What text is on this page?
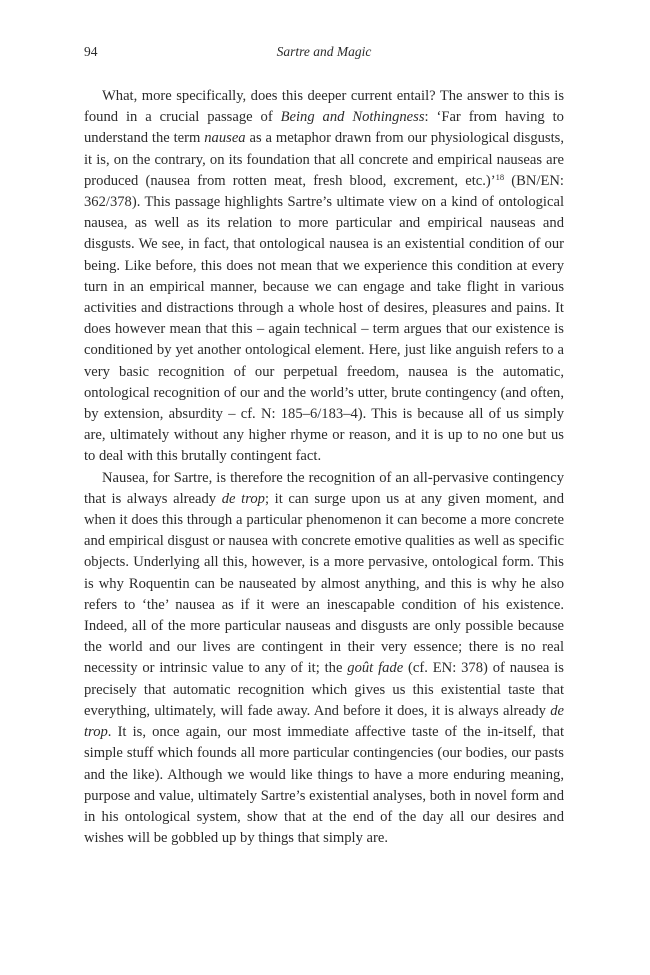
94	Sartre and Magic

What, more specifically, does this deeper current entail? The answer to this is found in a crucial passage of Being and Nothingness: ‘Far from having to understand the term nausea as a metaphor drawn from our physiological disgusts, it is, on the contrary, on its foundation that all concrete and empirical nauseas are produced (nausea from rotten meat, fresh blood, excrement, etc.)’$^{18}$ (BN/EN: 362/378). This passage highlights Sartre’s ultimate view on a kind of ontological nausea, as well as its relation to more particular and empirical nauseas and disgusts. We see, in fact, that ontological nausea is an existential condition of our being. Like before, this does not mean that we experience this condition at every turn in an empirical manner, because we can engage and take flight in various activities and distractions through a whole host of desires, pleasures and pains. It does however mean that this – again technical – term argues that our existence is conditioned by yet another ontological element. Here, just like anguish refers to a very basic recognition of our perpetual freedom, nausea is the automatic, ontological recognition of our and the world’s utter, brute contingency (and often, by extension, absurdity – cf. N: 185–6/183–4). This is because all of us simply are, ultimately without any higher rhyme or reason, and it is up to no one but us to deal with this brutally contingent fact.

Nausea, for Sartre, is therefore the recognition of an all-pervasive contingency that is always already de trop; it can surge upon us at any given moment, and when it does this through a particular phenomenon it can become a more concrete and empirical disgust or nausea with concrete emotive qualities as well as specific objects. Underlying all this, however, is a more pervasive, ontological form. This is why Roquentin can be nauseated by almost anything, and this is why he also refers to ‘the’ nausea as if it were an inescapable condition of his existence. Indeed, all of the more particular nauseas and disgusts are only possible because the world and our lives are contingent in their very essence; there is no real necessity or intrinsic value to any of it; the goût fade (cf. EN: 378) of nausea is precisely that automatic recognition which gives us this existential taste that everything, ultimately, will fade away. And before it does, it is always already de trop. It is, once again, our most immediate affective taste of the in-itself, that simple stuff which founds all more particular contingencies (our bodies, our pasts and the like). Although we would like things to have a more enduring meaning, purpose and value, ultimately Sartre’s existential analyses, both in novel form and in his ontological system, show that at the end of the day all our desires and wishes will be gobbled up by things that simply are.
